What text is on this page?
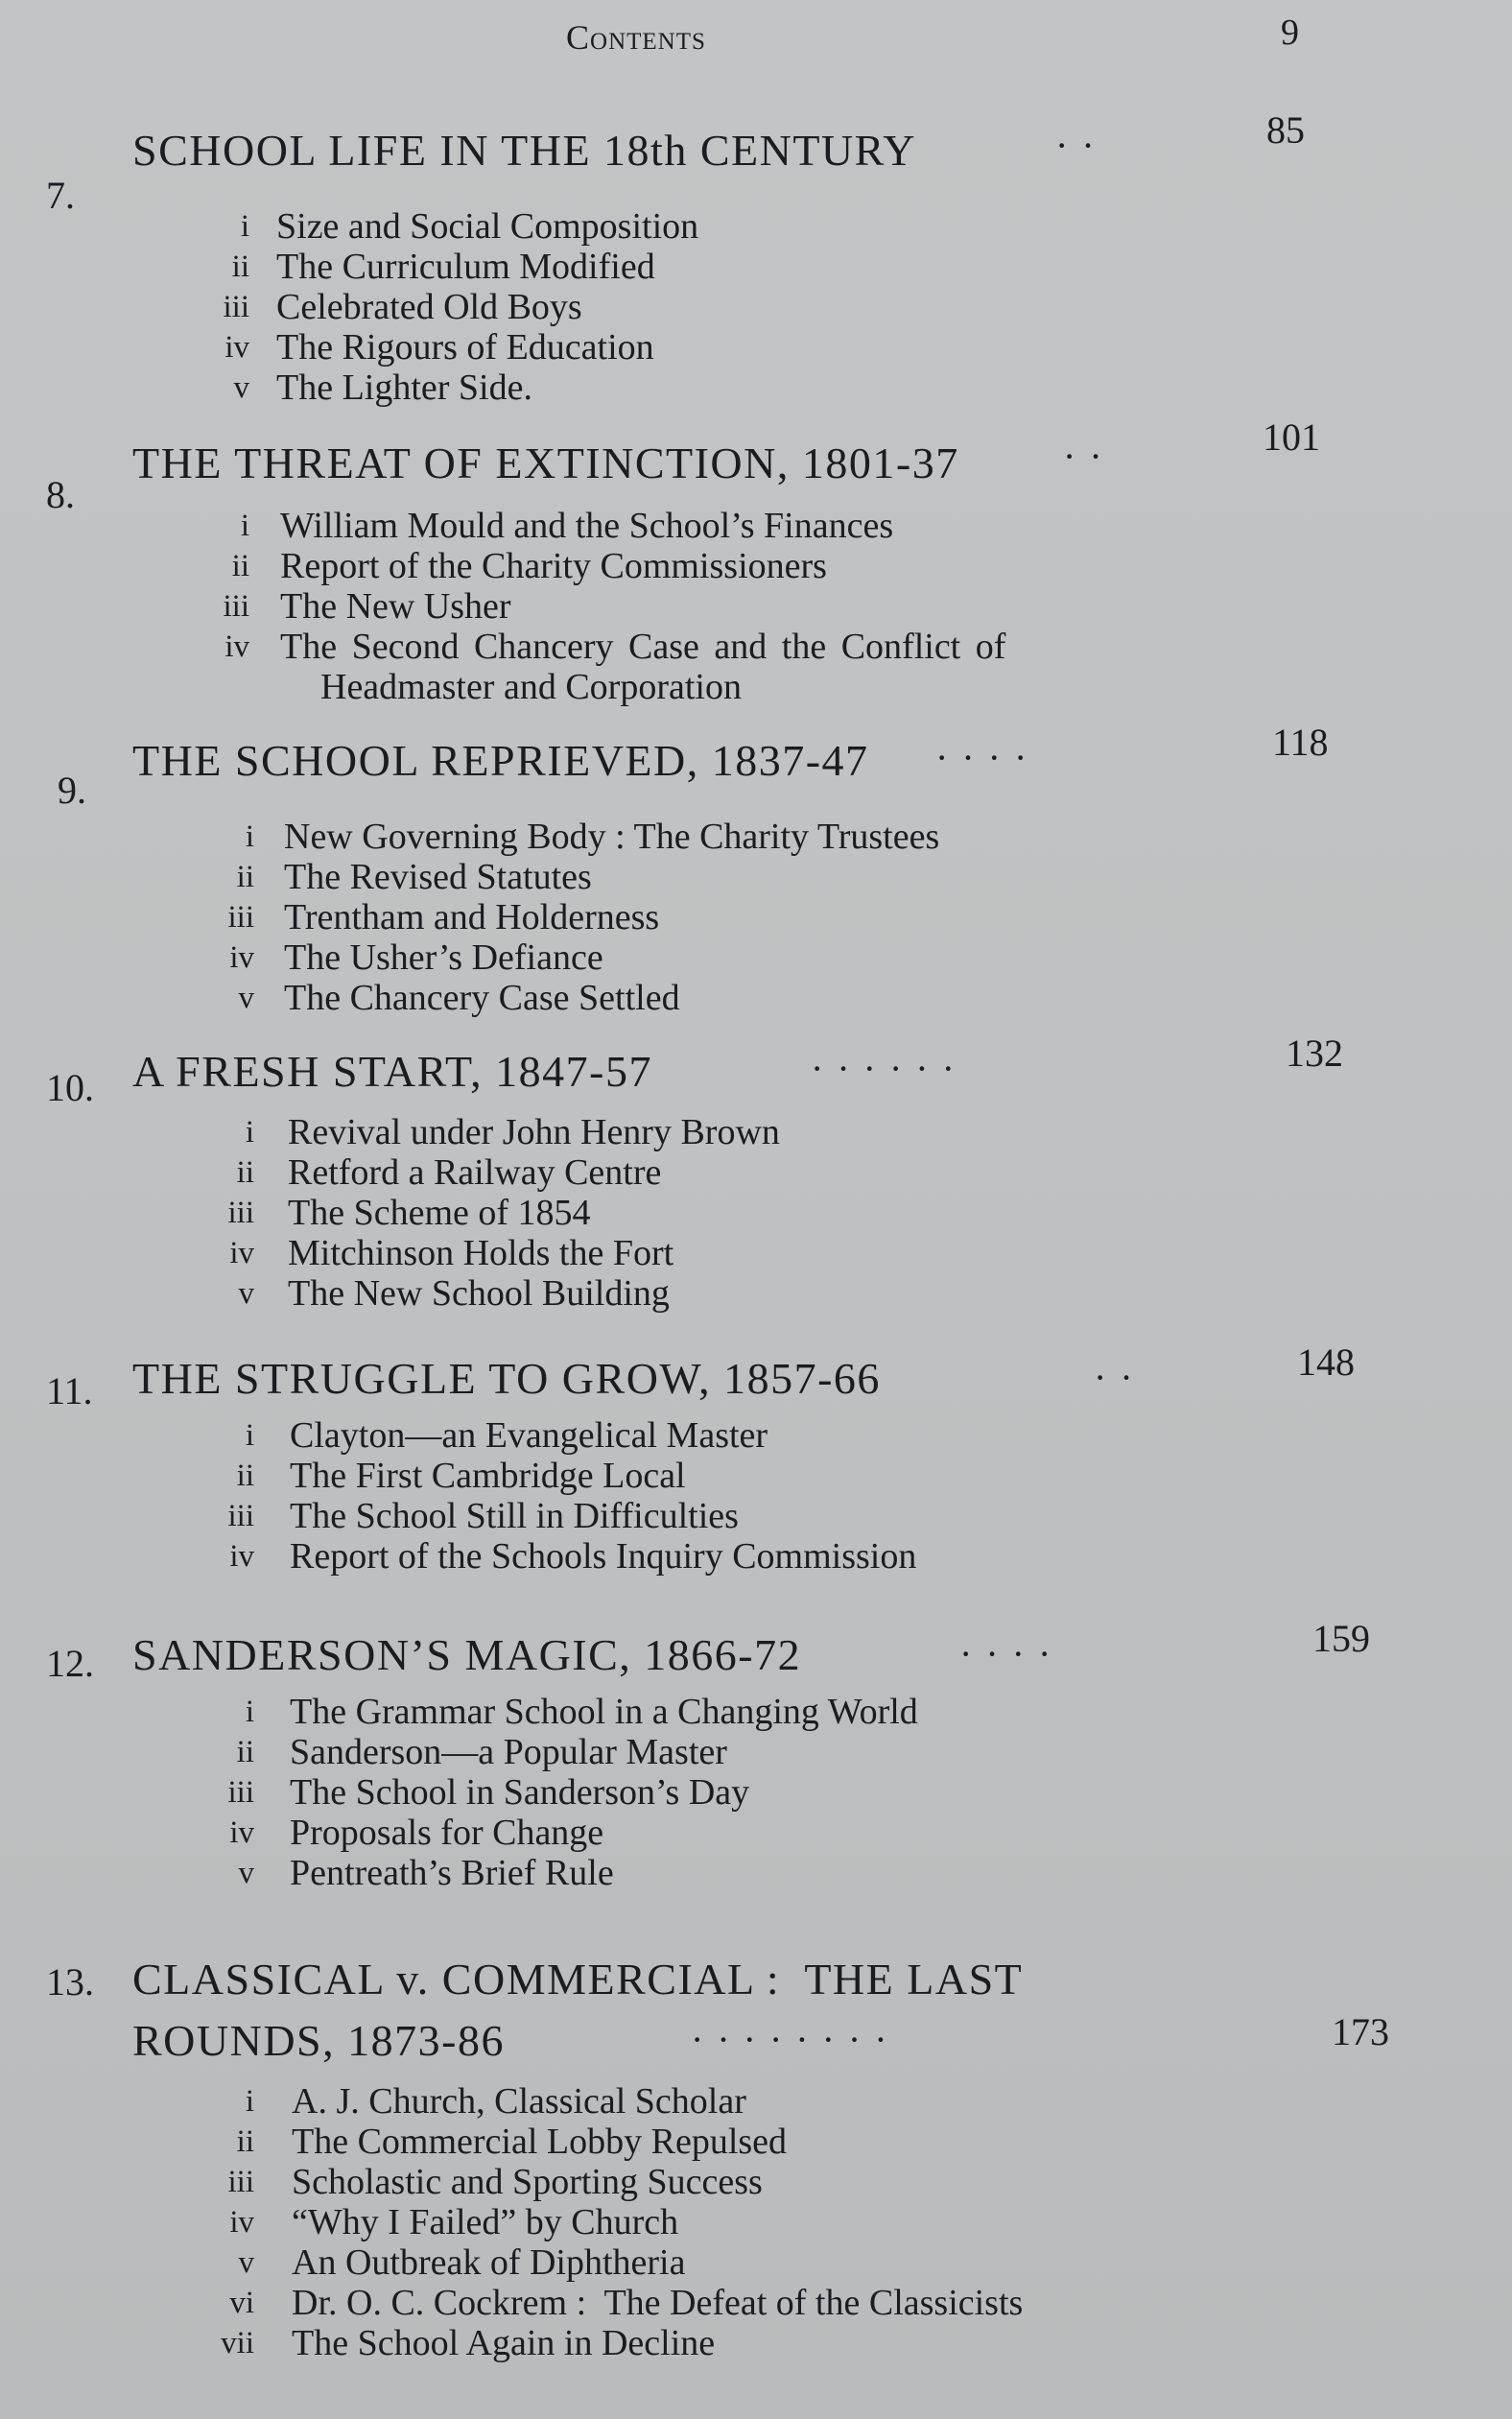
Contents	9
7.
SCHOOL LIFE IN THE 18th CENTURY	· ·	85
i Size and Social Composition
ii The Curriculum Modified
iii Celebrated Old Boys
iv The Rigours of Education
v The Lighter Side.
8.
THE THREAT OF EXTINCTION, 1801-37	· ·	101
i William Mould and the School’s Finances
ii Report of the Charity Commissioners
iii The New Usher
iv The Second Chancery Case and the Conflict of
Headmaster and Corporation
9.
THE SCHOOL REPRIEVED, 1837-47 · · · ·	118
i New Governing Body : The Charity Trustees
ii The Revised Statutes
iii Trentham and Holderness
iv The Usher’s Defiance
v The Chancery Case Settled
10. A FRESH START, 1847-57	· · · · · ·	132
i Revival under John Henry Brown
ii Retford a Railway Centre
iii The Scheme of 1854
iv Mitchinson Holds the Fort
v The New School Building
11. THE STRUGGLE TO GROW, 1857-66	· ·	148
i Clayton—an Evangelical Master
ii The First Cambridge Local
iii The School Still in Difficulties
iv Report of the Schools Inquiry Commission
12. SANDERSON’S MAGIC, 1866-72	· · · ·	159
i The Grammar School in a Changing World
ii Sanderson—a Popular Master
iii The School in Sanderson’s Day
iv Proposals for Change
v Pentreath’s Brief Rule
13. CLASSICAL v. COMMERCIAL :  THE LAST
ROUNDS, 1873-86	· · · · · · · ·	173
i A. J. Church, Classical Scholar
ii The Commercial Lobby Repulsed
iii Scholastic and Sporting Success
iv “Why I Failed” by Church
v An Outbreak of Diphtheria
vi Dr. O. C. Cockrem :  The Defeat of the Classicists
vii The School Again in Decline
